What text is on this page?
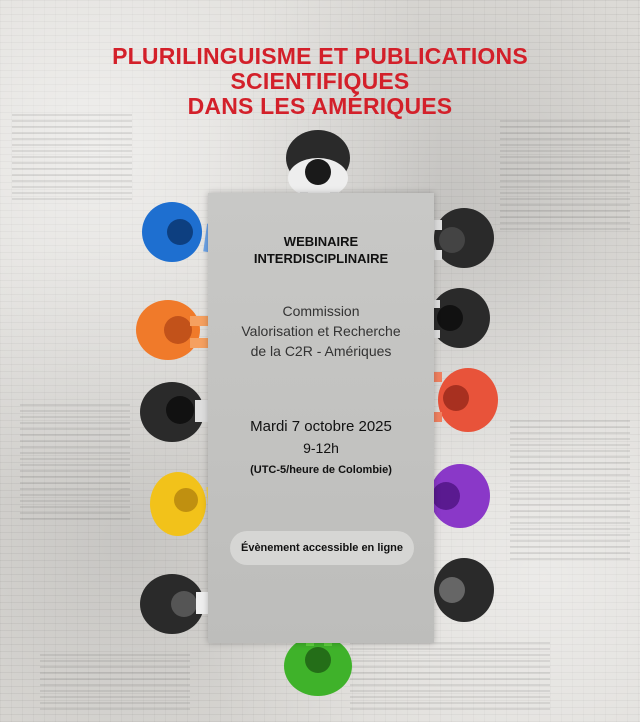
PLURILINGUISME ET PUBLICATIONS SCIENTIFIQUES
DANS LES AMÉRIQUES
WEBINAIRE
INTERDISCIPLINAIRE
Commission
Valorisation et Recherche
de la C2R - Amériques
Mardi 7 octobre 2025
9-12h
(UTC-5/heure de Colombie)
Évènement accessible en ligne
